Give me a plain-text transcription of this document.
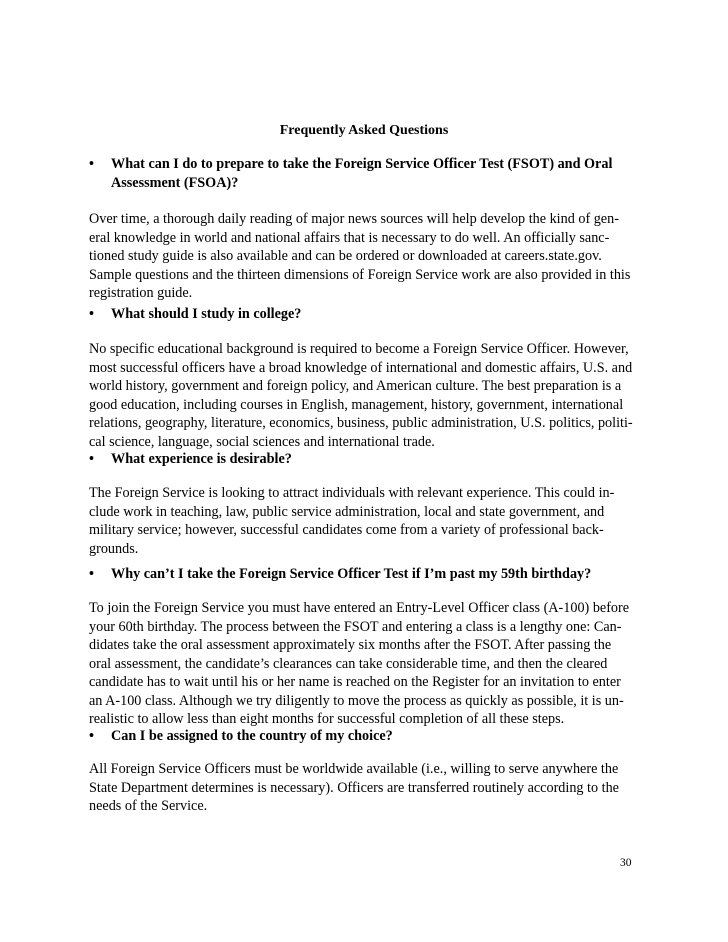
Frequently Asked Questions
•	What can I do to prepare to take the Foreign Service Officer Test (FSOT) and Oral
Assessment (FSOA)?
Over time, a thorough daily reading of major news sources will help develop the kind of gen-
eral knowledge in world and national affairs that is necessary to do well. An officially sanc-
tioned study guide is also available and can be ordered or downloaded at careers.state.gov.
Sample questions and the thirteen dimensions of Foreign Service work are also provided in this
registration guide.
•	What should I study in college?
No specific educational background is required to become a Foreign Service Officer. However,
most successful officers have a broad knowledge of international and domestic affairs, U.S. and
world history, government and foreign policy, and American culture. The best preparation is a
good education, including courses in English, management, history, government, international
relations, geography, literature, economics, business, public administration, U.S. politics, politi-
cal science, language, social sciences and international trade.
•	What experience is desirable?
The Foreign Service is looking to attract individuals with relevant experience. This could in-
clude work in teaching, law, public service administration, local and state government, and
military service; however, successful candidates come from a variety of professional back-
grounds.
•	Why can’t I take the Foreign Service Officer Test if I’m past my 59th birthday?
To join the Foreign Service you must have entered an Entry-Level Officer class (A-100) before
your 60th birthday. The process between the FSOT and entering a class is a lengthy one: Can-
didates take the oral assessment approximately six months after the FSOT. After passing the
oral assessment, the candidate’s clearances can take considerable time, and then the cleared
candidate has to wait until his or her name is reached on the Register for an invitation to enter
an A-100 class. Although we try diligently to move the process as quickly as possible, it is un-
realistic to allow less than eight months for successful completion of all these steps.
•	Can I be assigned to the country of my choice?
All Foreign Service Officers must be worldwide available (i.e., willing to serve anywhere the
State Department determines is necessary). Officers are transferred routinely according to the
needs of the Service.
30
